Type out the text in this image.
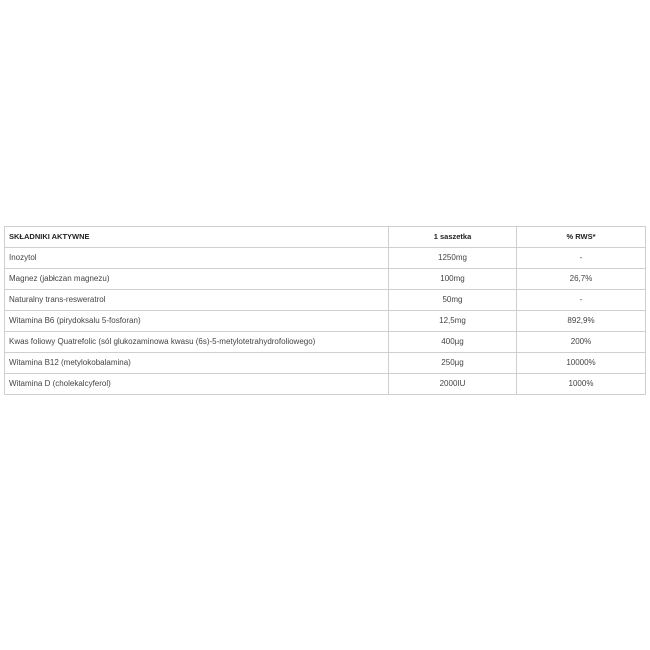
SKŁADNIKI AKTYWNE	1 saszetka	% RWS*
Inozytol	1250mg	-
Magnez (jabłczan magnezu)	100mg	26,7%
Naturalny trans-resweratrol	50mg	-
Witamina B6 (pirydoksalu 5-fosforan)	12,5mg	892,9%
Kwas foliowy Quatrefolic (sól glukozaminowa kwasu (6s)-5-metylotetrahydrofoliowego)	400µg	200%
Witamina B12 (metylokobalamina)	250µg	10000%
Witamina D (cholekalcyferol)	2000IU	1000%
